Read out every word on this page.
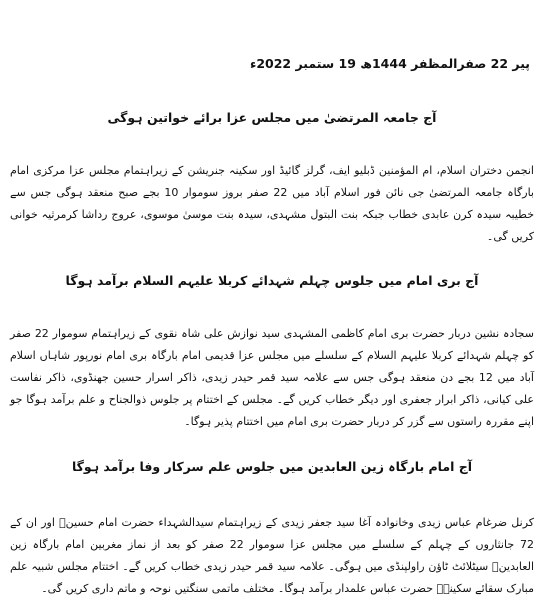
پیر 22 صفرالمظفر 1444ھ 19 ستمبر 2022ء
آج جامعہ المرتضیٰ میں مجلس عزا برائے خواتین ہوگی
انجمن دختران اسلام، ام المؤمنین ڈبلیو ایف، گرلز گائیڈ اور سکینہ جنریشن کے زیراہتمام مجلس عزا مرکزی امام بارگاہ جامعہ المرتضیٰ جی نائن فور اسلام آباد میں 22 صفر بروز سوموار 10 بجے صبح منعقد ہوگی جس سے خطیبہ سیدہ کرن عابدی خطاب جبکہ بنت البتول مشہدی، سیدہ بنت موسیٰ موسوی، عروج رداشا کرمرثیہ خوانی کریں گی۔
آج بری امام میں جلوس چہلم شہدائے کربلا علیہم السلام برآمد ہوگا
سجادہ نشین دربار حضرت بری امام کاظمی المشہدی سید نوازش علی شاہ نقوی کے زیراہتمام سوموار 22 صفر کو چہلم شہدائے کربلا علیہم السلام کے سلسلے میں مجلس عزا قدیمی امام بارگاہ بری امام نورپور شاہاں اسلام آباد میں 12 بجے دن منعقد ہوگی جس سے علامہ سید قمر حیدر زیدی، ذاکر اسرار حسین جھنڈوی، ذاکر نفاست علی کیانی، ذاکر ابرار جعفری اور دیگر خطاب کریں گے۔ مجلس کے اختتام پر جلوس ذوالجناح و علم برآمد ہوگا جو اپنے مقررہ راستوں سے گزر کر دربار حضرت بری امام میں اختتام پذیر ہوگا۔
آج امام بارگاہ زین العابدین میں جلوس علم سرکار وفا برآمد ہوگا
کرنل ضرغام عباس زیدی وخانوادہ آغا سید جعفر زیدی کے زیراہتمام سیدالشہداء حضرت امام حسینؑ اور ان کے 72 جانثاروں کے چہلم کے سلسلے میں مجلس عزا سوموار 22 صفر کو بعد از نماز مغربین امام بارگاہ زین العابدینؑ سیٹلائٹ ٹاؤن راولپنڈی میں ہوگی۔ علامہ سید قمر حیدر زیدی خطاب کریں گے۔ اختتام مجلس شبیہ علم مبارک سقائے سکینہؑ حضرت عباس علمدار برآمد ہوگا۔ مختلف ماتمی سنگتیں نوحہ و ماتم داری کریں گی۔
